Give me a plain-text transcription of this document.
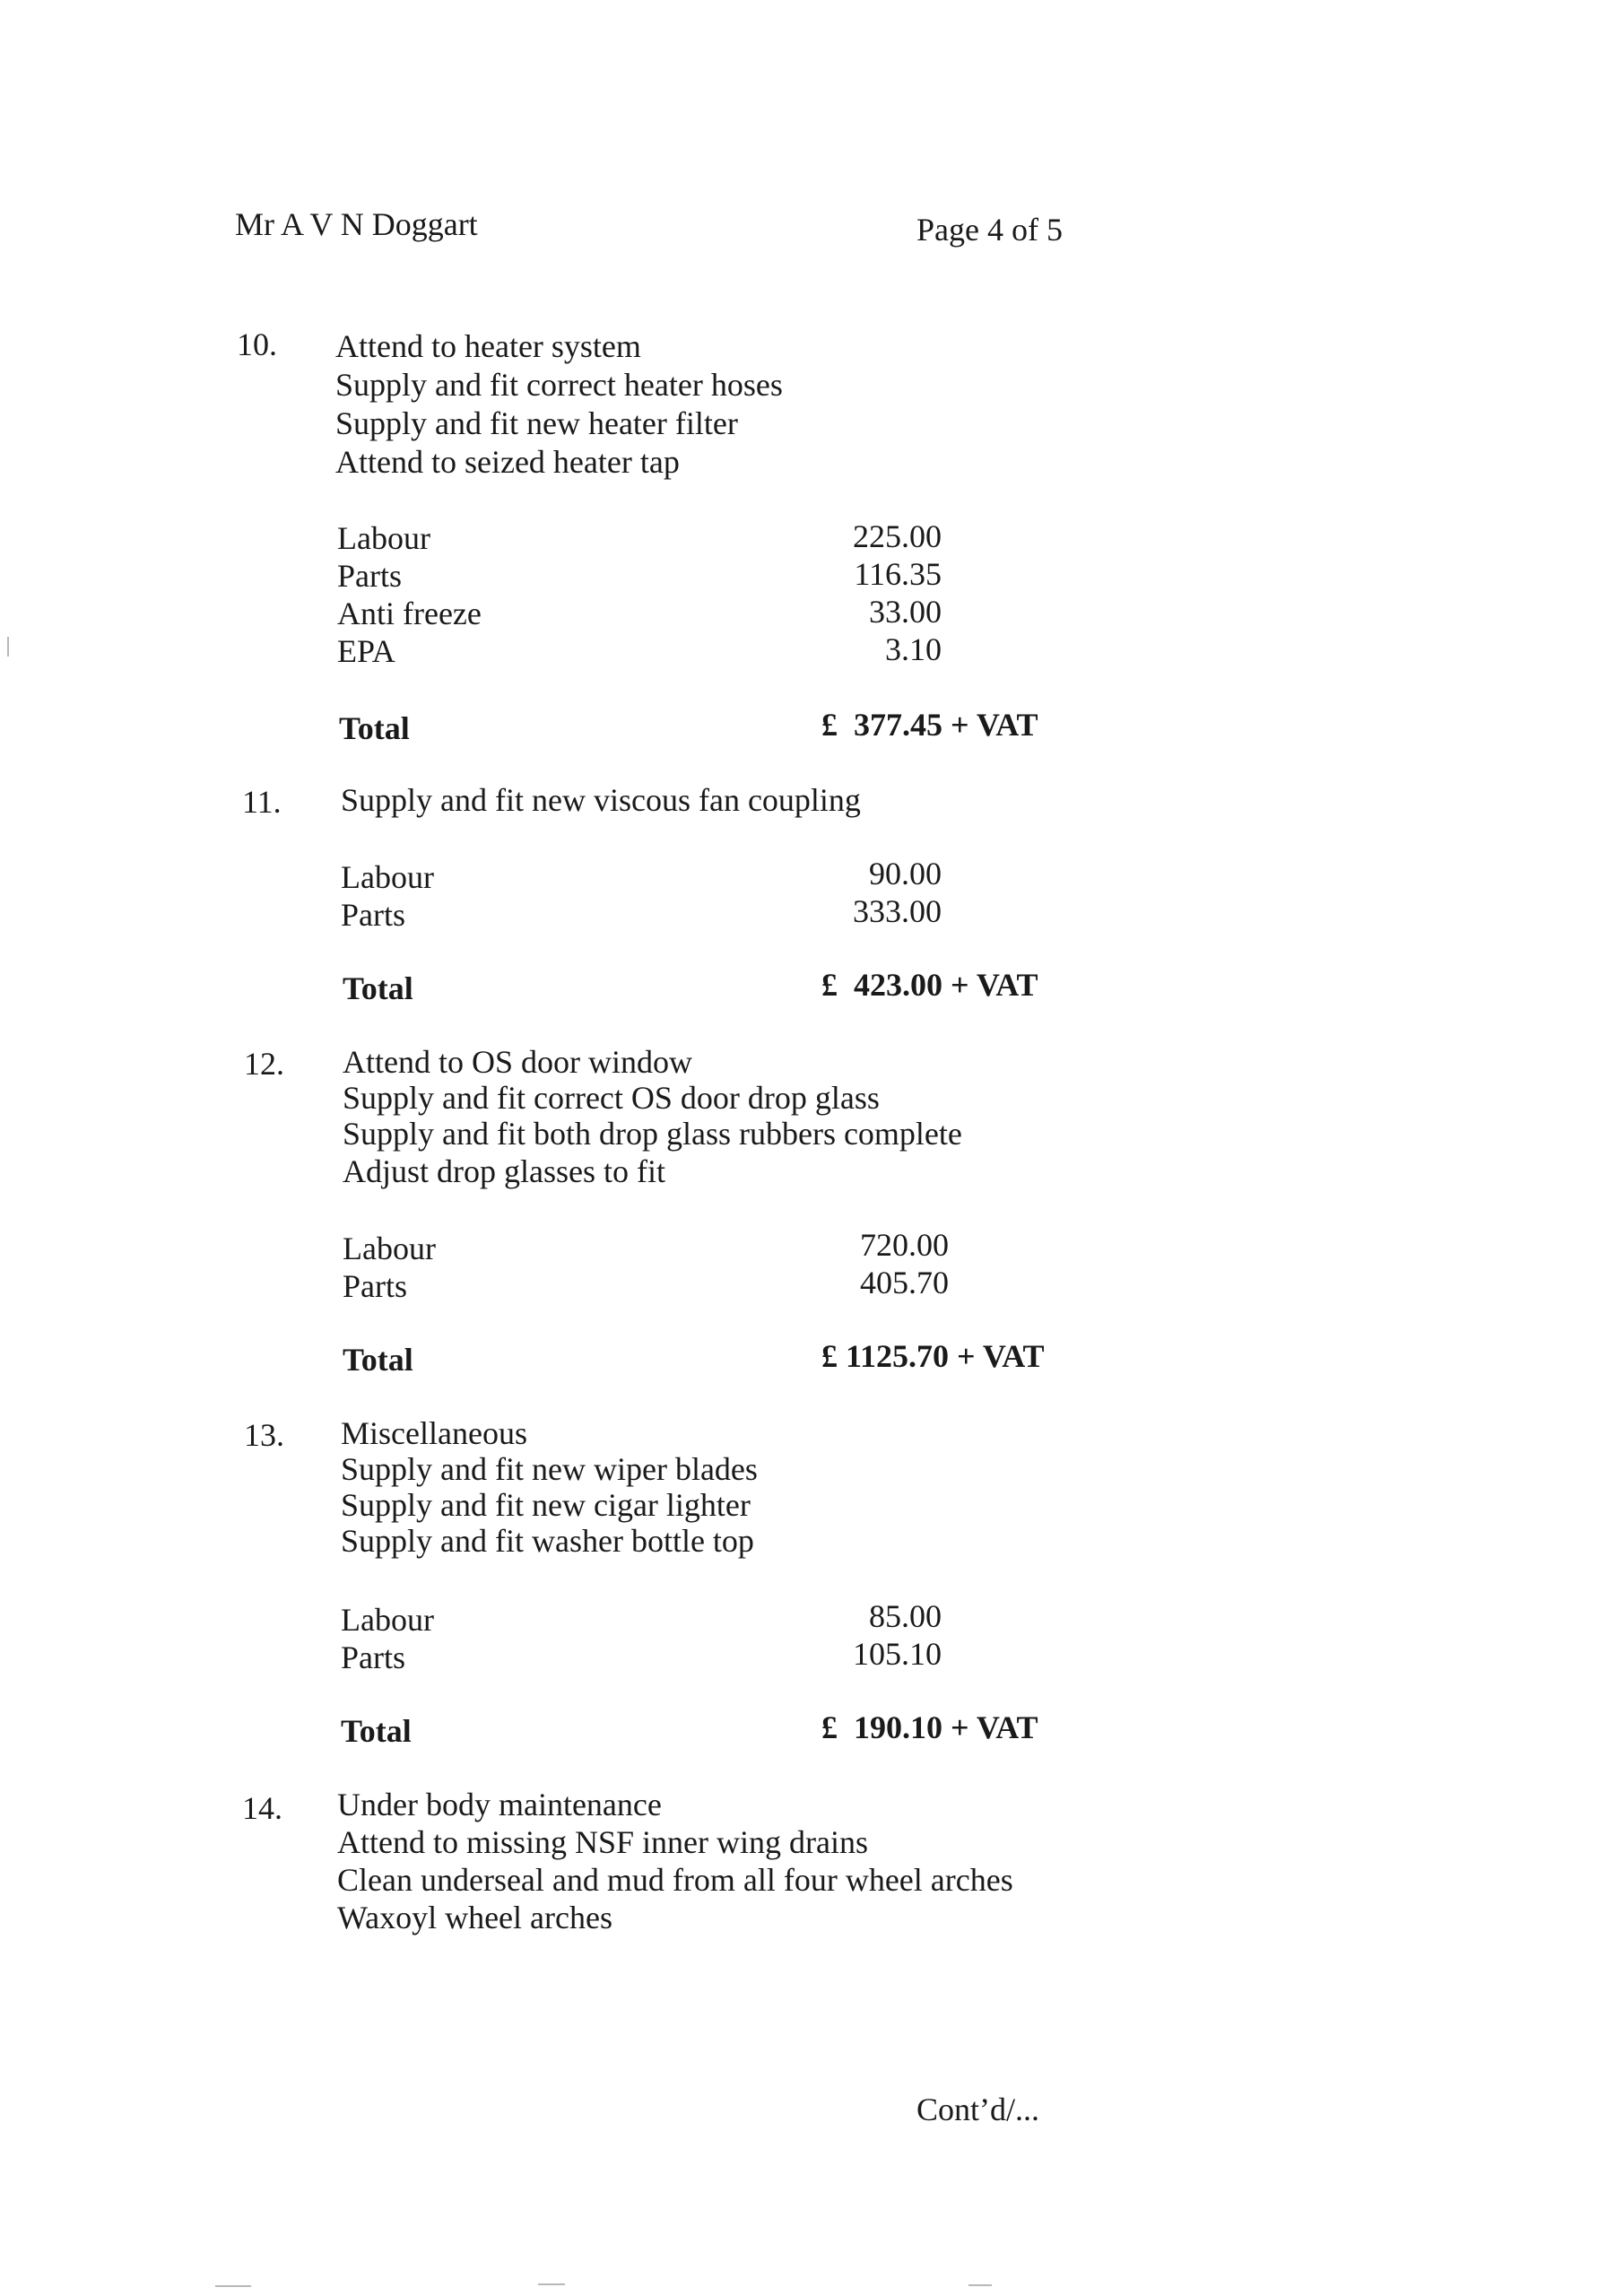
Mr A V N Doggart	Page 4 of 5
10. Attend to heater system
Supply and fit correct heater hoses
Supply and fit new heater filter
Attend to seized heater tap
Labour	225.00
Parts	116.35
Anti freeze	33.00
EPA	3.10
Total	£  377.45 + VAT
11. Supply and fit new viscous fan coupling
Labour	90.00
Parts	333.00
Total	£  423.00 + VAT
12. Attend to OS door window
Supply and fit correct OS door drop glass
Supply and fit both drop glass rubbers complete
Adjust drop glasses to fit
Labour	720.00
Parts	405.70
Total	£ 1125.70 + VAT
13. Miscellaneous
Supply and fit new wiper blades
Supply and fit new cigar lighter
Supply and fit washer bottle top
Labour	85.00
Parts	105.10
Total	£  190.10 + VAT
14. Under body maintenance
Attend to missing NSF inner wing drains
Clean underseal and mud from all four wheel arches
Waxoyl wheel arches
Cont’d/...
